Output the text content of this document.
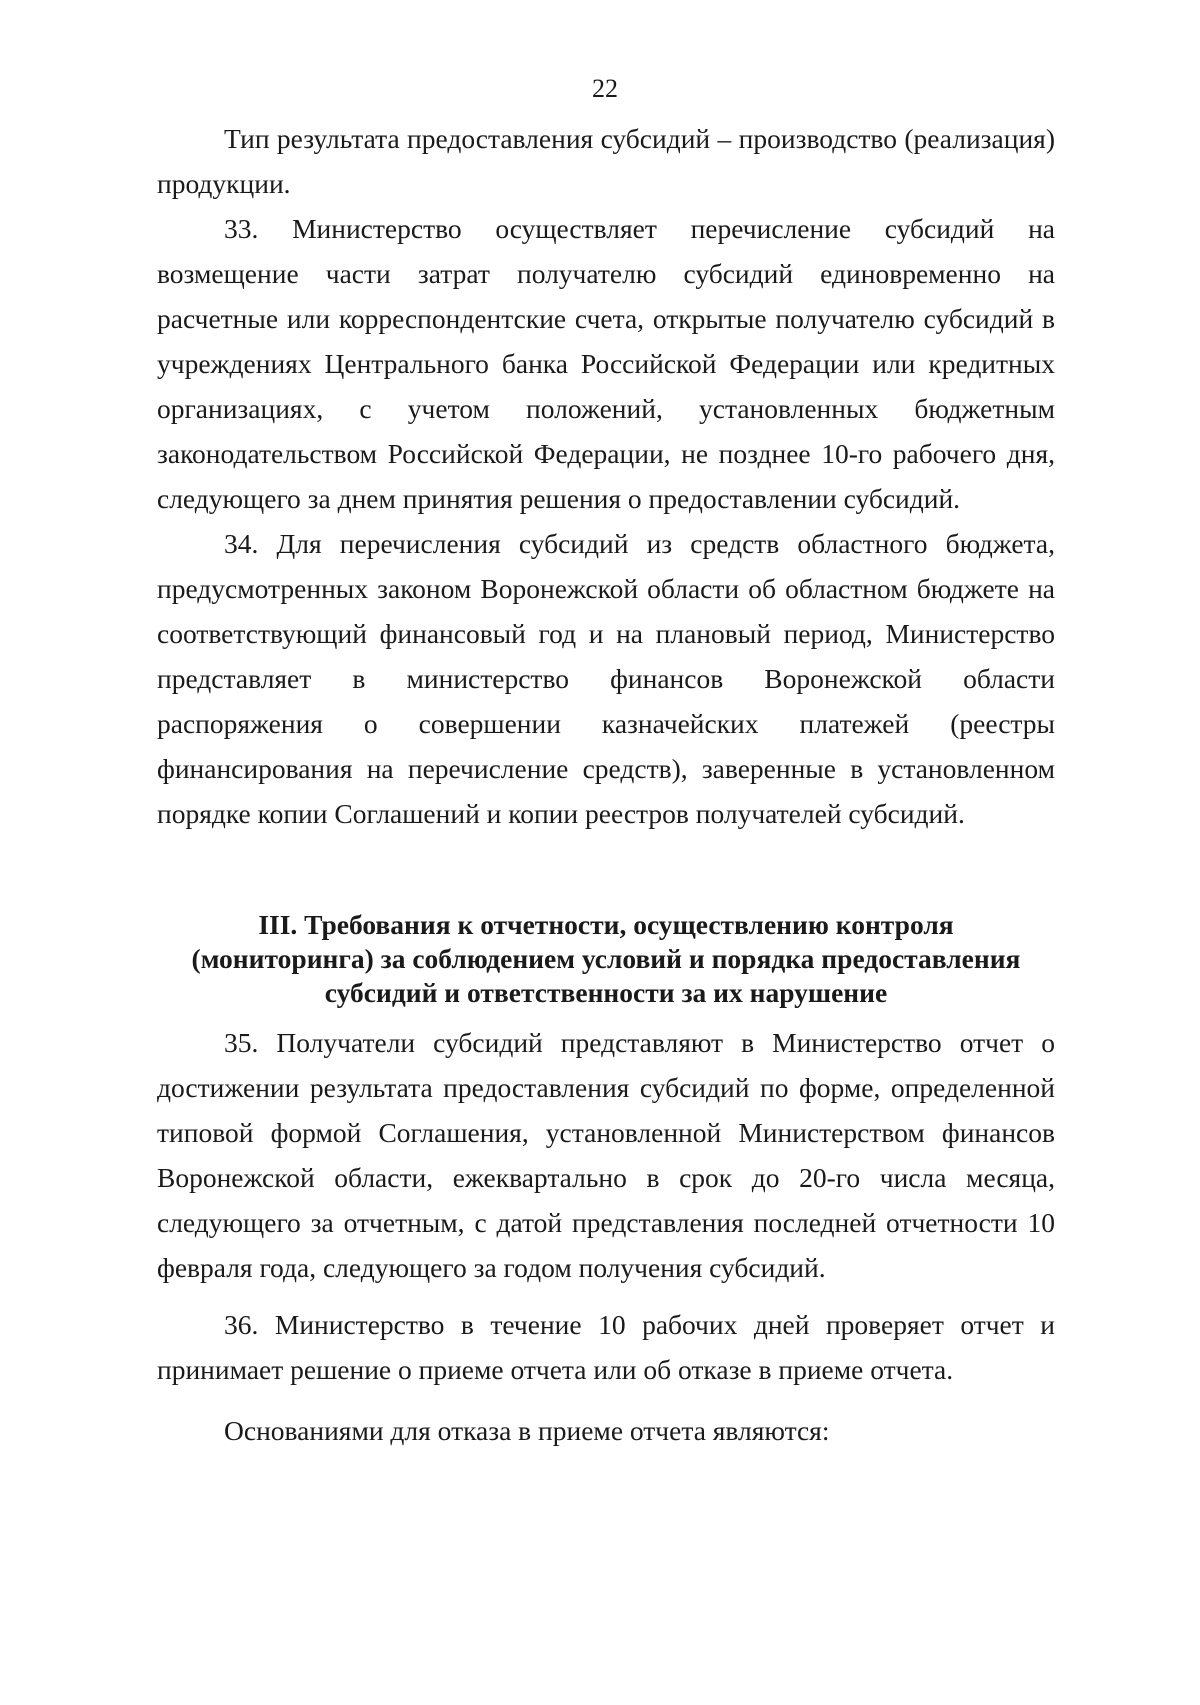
22

Тип результата предоставления субсидий – производство (реализация) продукции.

33. Министерство осуществляет перечисление субсидий на возмещение части затрат получателю субсидий единовременно на расчетные или корреспондентские счета, открытые получателю субсидий в учреждениях Центрального банка Российской Федерации или кредитных организациях, с учетом положений, установленных бюджетным законодательством Российской Федерации, не позднее 10-го рабочего дня, следующего за днем принятия решения о предоставлении субсидий.

34. Для перечисления субсидий из средств областного бюджета, предусмотренных законом Воронежской области об областном бюджете на соответствующий финансовый год и на плановый период, Министерство представляет в министерство финансов Воронежской области распоряжения о совершении казначейских платежей (реестры финансирования на перечисление средств), заверенные в установленном порядке копии Соглашений и копии реестров получателей субсидий.

III. Требования к отчетности, осуществлению контроля
(мониторинга) за соблюдением условий и порядка предоставления
субсидий и ответственности за их нарушение

35. Получатели субсидий представляют в Министерство отчет о достижении результата предоставления субсидий по форме, определенной типовой формой Соглашения, установленной Министерством финансов Воронежской области, ежеквартально в срок до 20-го числа месяца, следующего за отчетным, с датой представления последней отчетности 10 февраля года, следующего за годом получения субсидий.

36. Министерство в течение 10 рабочих дней проверяет отчет и принимает решение о приеме отчета или об отказе в приеме отчета.

Основаниями для отказа в приеме отчета являются:
